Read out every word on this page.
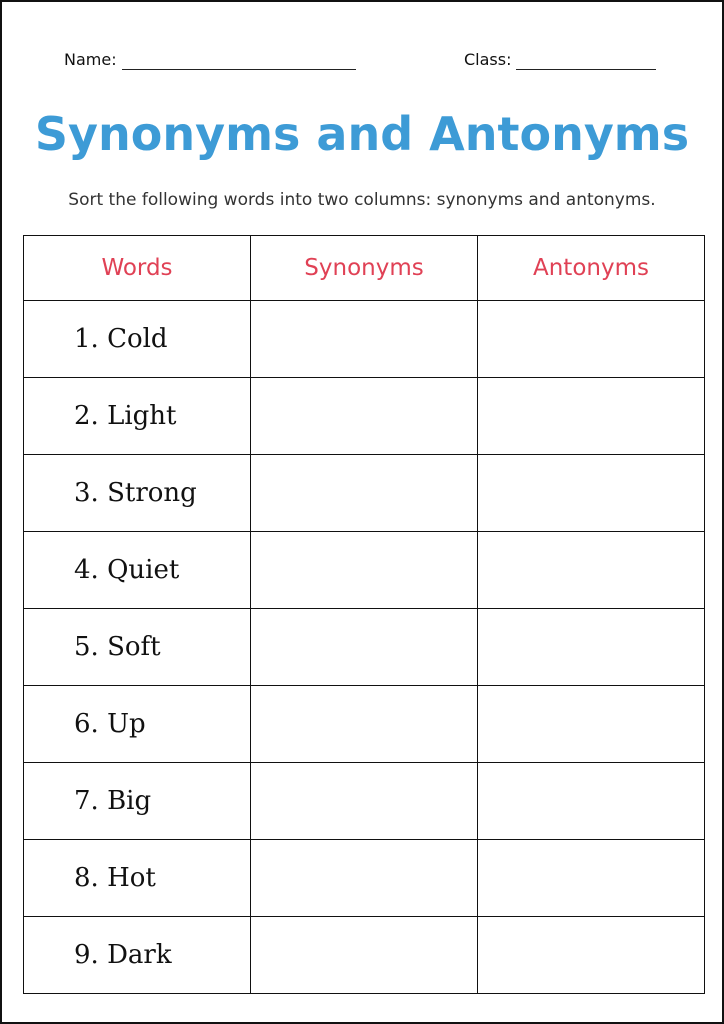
Name:	Class:
Synonyms and Antonyms

Sort the following words into two columns: synonyms and antonyms.

Words	Synonyms	Antonyms
1. Cold		
2. Light		
3. Strong		
4. Quiet		
5. Soft		
6. Up		
7. Big		
8. Hot		
9. Dark		
